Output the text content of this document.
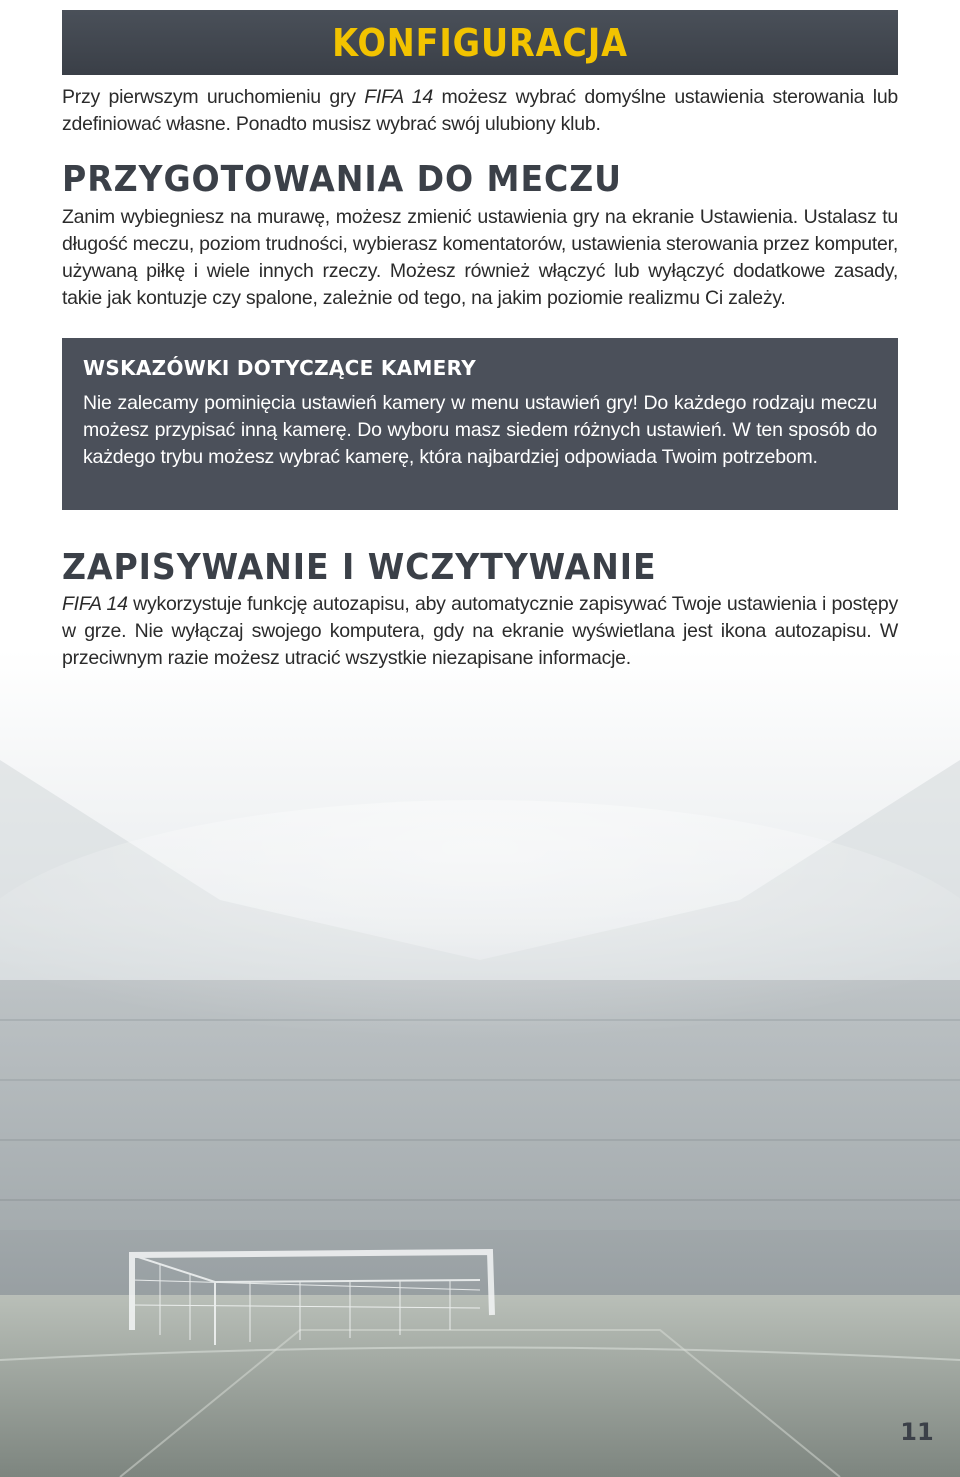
KONFIGURACJA

Przy pierwszym uruchomieniu gry FIFA 14 możesz wybrać domyślne ustawienia sterowania lub zdefiniować własne. Ponadto musisz wybrać swój ulubiony klub.

PRZYGOTOWANIA DO MECZU

Zanim wybiegniesz na murawę, możesz zmienić ustawienia gry na ekranie Ustawienia. Ustalasz tu długość meczu, poziom trudności, wybierasz komentatorów, ustawienia sterowania przez komputer, używaną piłkę i wiele innych rzeczy. Możesz również włączyć lub wyłączyć dodatkowe zasady, takie jak kontuzje czy spalone, zależnie od tego, na jakim poziomie realizmu Ci zależy.

WSKAZÓWKI DOTYCZĄCE KAMERY

Nie zalecamy pominięcia ustawień kamery w menu ustawień gry! Do każdego rodzaju meczu możesz przypisać inną kamerę. Do wyboru masz siedem różnych ustawień. W ten sposób do każdego trybu możesz wybrać kamerę, która najbardziej odpowiada Twoim potrzebom.

ZAPISYWANIE I WCZYTYWANIE

FIFA 14 wykorzystuje funkcję autozapisu, aby automatycznie zapisywać Twoje ustawienia i postępy w grze. Nie wyłączaj swojego komputera, gdy na ekranie wyświetlana jest ikona autozapisu. W przeciwnym razie możesz utracić wszystkie niezapisane informacje.

11
